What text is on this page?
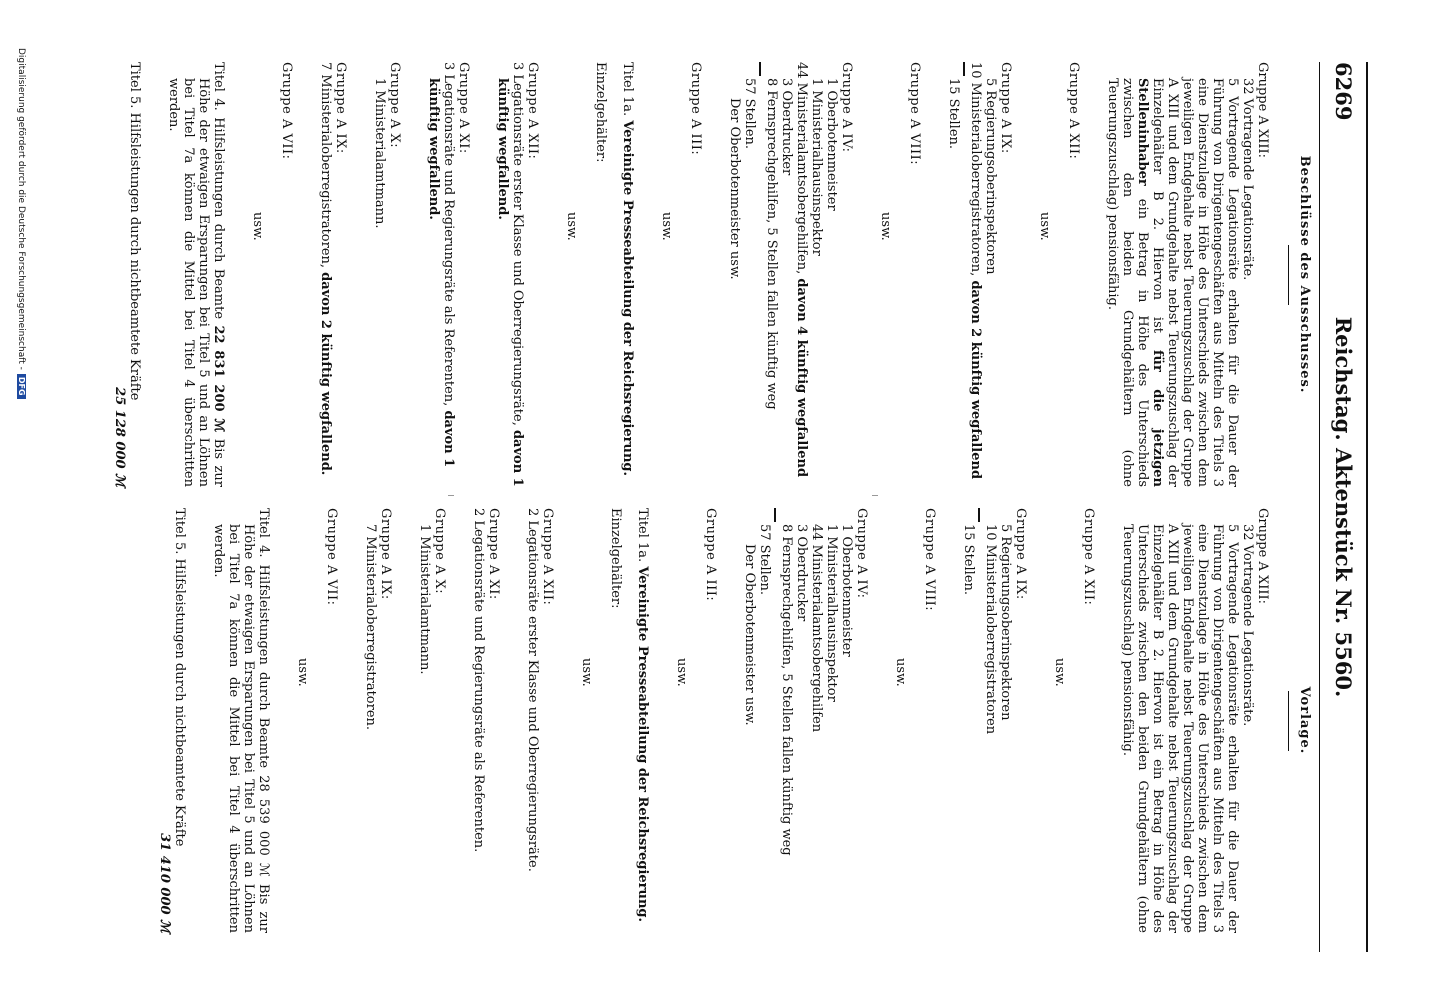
6269
Reichstag. Aktenstück Nr. 5560.
Beschlüsse des Ausschusses.
Gruppe A XIII:
32 Vortragende Legationsräte.
5 Vortragende Legationsräte erhalten für die Dauer der Führung von Dirigentengeschäften aus Mitteln des Titels 3 eine Dienstzulage in Höhe des Unterschieds zwischen dem jeweiligen Endgehalte nebst Teuerungszuschlag der Gruppe A XIII und dem Grundgehalte nebst Teuerungszuschlag der Einzelgehälter B 2. Hiervon ist für die jetzigen Stelleninhaber ein Betrag in Höhe des Unterschieds zwischen den beiden Grundgehältern (ohne Teuerungszuschlag) pensionsfähig.
Gruppe A XII:
usw.
Gruppe A IX:
5 Regierungsoberinspektoren
10 Ministerialoberregistratoren, davon 2 künftig wegfallend
15 Stellen.
Gruppe A VIII:
usw.
Gruppe A IV:
1 Oberbotenmeister
1 Ministerialhausinspektor
44 Ministerialamtsobergehilfen, davon 4 künftig wegfallend
3 Oberdrucker
8 Fernsprechgehilfen, 5 Stellen fallen künftig weg
57 Stellen.
Der Oberbotenmeister usw.
Gruppe A III:
usw.
Titel 1a. Vereinigte Presseabteilung der Reichsregierung.
Einzelgehälter:
usw.
Gruppe A XII:
3 Legationsräte erster Klasse und Oberregierungsräte, davon 1 künftig wegfallend.
Gruppe A XI:
3 Legationsräte und Regierungsräte als Referenten, davon 1 künftig wegfallend.
Gruppe A X:
1 Ministerialamtmann.
Gruppe A IX:
7 Ministerialoberregistratoren, davon 2 künftig wegfallend.
Gruppe A VII:
usw.
Titel 4. Hilfsleistungen durch Beamte 22 831 200 ℳ Bis zur Höhe der etwaigen Ersparungen bei Titel 5 und an Löhnen bei Titel 7a können die Mittel bei Titel 4 überschritten werden.
Titel 5. Hilfsleistungen durch nichtbeamtete Kräfte
25 128 000 ℳ
Vorlage.
Gruppe A XIII:
32 Vortragende Legationsräte.
5 Vortragende Legationsräte erhalten für die Dauer der Führung von Dirigentengeschäften aus Mitteln des Titels 3 eine Dienstzulage in Höhe des Unterschieds zwischen dem jeweiligen Endgehalte nebst Teuerungszuschlag der Gruppe A XIII und dem Grundgehalte nebst Teuerungszuschlag der Einzelgehälter B 2. Hiervon ist ein Betrag in Höhe des Unterschieds zwischen den beiden Grundgehältern (ohne Teuerungszuschlag) pensionsfähig.
Gruppe A XII:
usw.
Gruppe A IX:
5 Regierungsoberinspektoren
10 Ministerialoberregistratoren
15 Stellen.
Gruppe A VIII:
usw.
Gruppe A IV:
1 Oberbotenmeister
1 Ministerialhausinspektor
44 Ministerialamtsobergehilfen
3 Oberdrucker
8 Fernsprechgehilfen, 5 Stellen fallen künftig weg
57 Stellen.
Der Oberbotenmeister usw.
Gruppe A III:
usw.
Titel 1a. Vereinigte Presseabteilung der Reichsregierung.
Einzelgehälter:
usw.
Gruppe A XII:
2 Legationsräte erster Klasse und Oberregierungsräte.
Gruppe A XI:
2 Legationsräte und Regierungsräte als Referenten.
Gruppe A X:
1 Ministerialamtmann.
Gruppe A IX:
7 Ministerialoberregistratoren.
Gruppe A VII:
usw.
Titel 4. Hilfsleistungen durch Beamte 28 539 000 ℳ Bis zur Höhe der etwaigen Ersparungen bei Titel 5 und an Löhnen bei Titel 7a können die Mittel bei Titel 4 überschritten werden.
Titel 5. Hilfsleistungen durch nichtbeamtete Kräfte
31 410 000 ℳ
Digitalisierung gefördert durch die Deutsche Forschungsgemeinschaft -DFG
